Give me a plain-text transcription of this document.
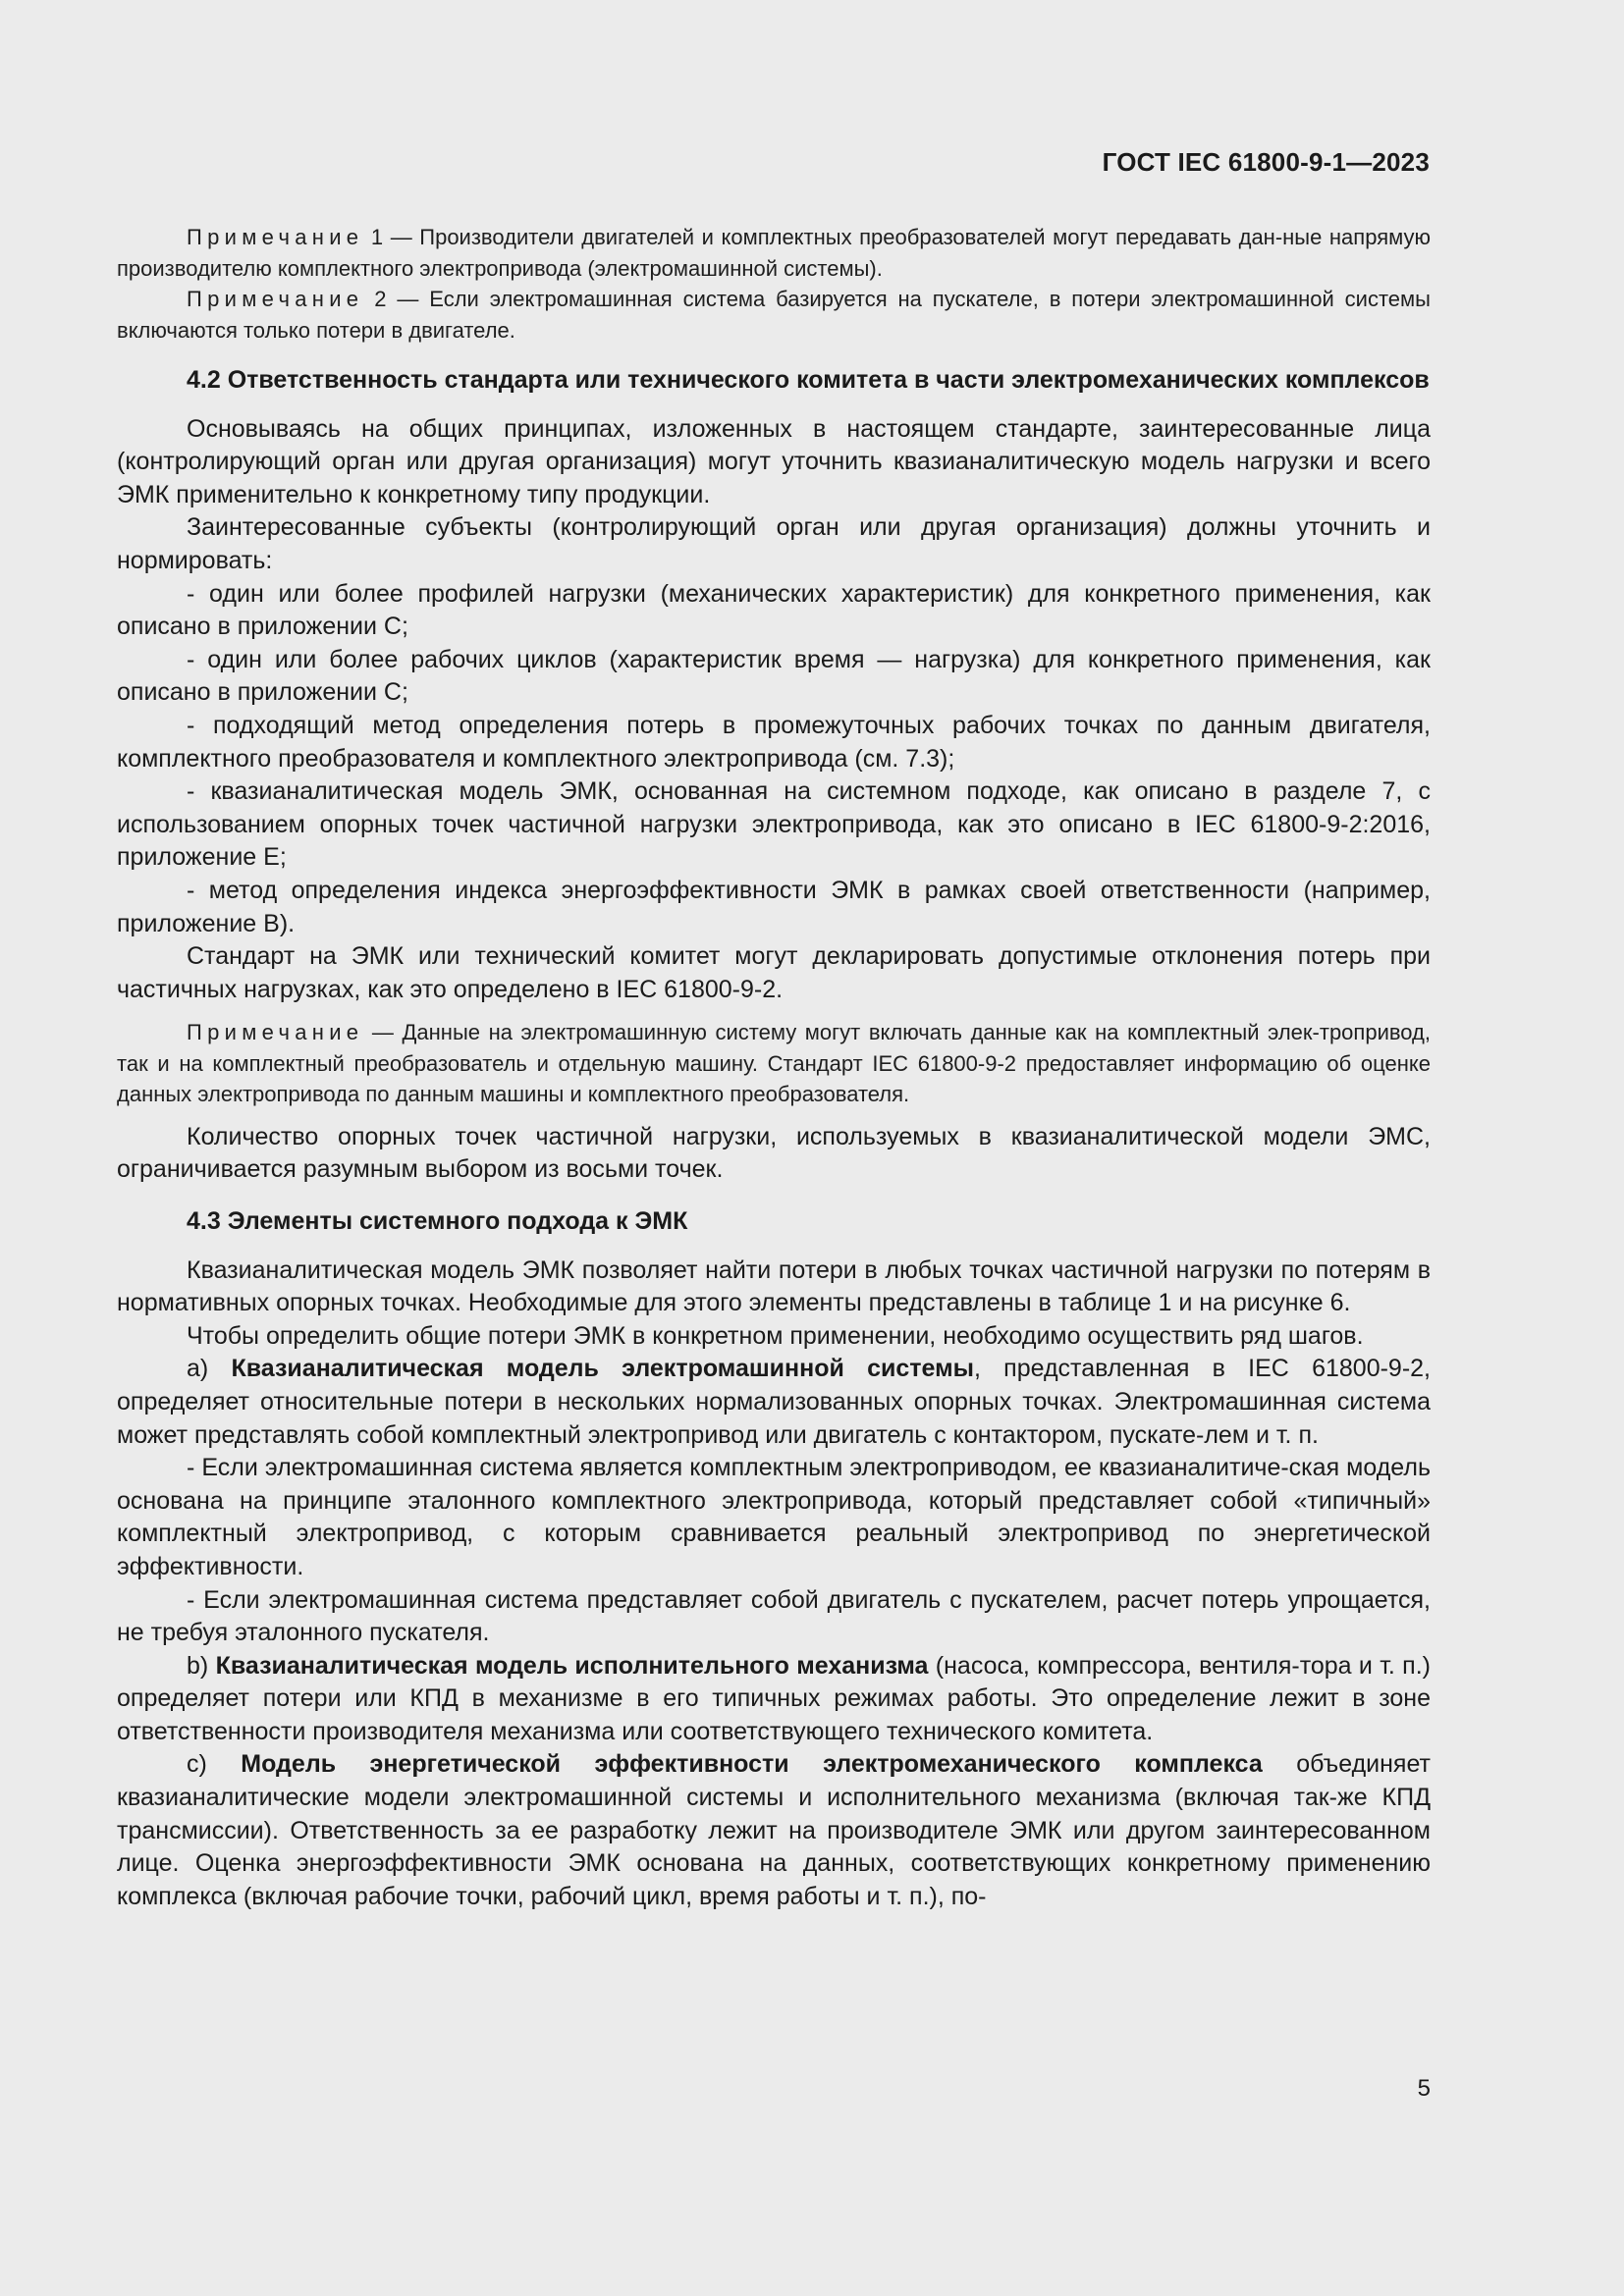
ГОСТ IEC 61800-9-1—2023

Примечание 1 — Производители двигателей и комплектных преобразователей могут передавать дан-ные напрямую производителю комплектного электропривода (электромашинной системы).

Примечание 2 — Если электромашинная система базируется на пускателе, в потери электромашинной системы включаются только потери в двигателе.

4.2 Ответственность стандарта или технического комитета в части электромеханических комплексов

Основываясь на общих принципах, изложенных в настоящем стандарте, заинтересованные лица (контролирующий орган или другая организация) могут уточнить квазианалитическую модель нагрузки и всего ЭМК применительно к конкретному типу продукции.

Заинтересованные субъекты (контролирующий орган или другая организация) должны уточнить и нормировать:

- один или более профилей нагрузки (механических характеристик) для конкретного применения, как описано в приложении С;

- один или более рабочих циклов (характеристик время — нагрузка) для конкретного применения, как описано в приложении С;

- подходящий метод определения потерь в промежуточных рабочих точках по данным двигателя, комплектного преобразователя и комплектного электропривода (см. 7.3);

- квазианалитическая модель ЭМК, основанная на системном подходе, как описано в разделе 7, с использованием опорных точек частичной нагрузки электропривода, как это описано в IEC 61800-9-2:2016, приложение Е;

- метод определения индекса энергоэффективности ЭМК в рамках своей ответственности (например, приложение В).

Стандарт на ЭМК или технический комитет могут декларировать допустимые отклонения потерь при частичных нагрузках, как это определено в IEC 61800-9-2.

Примечание — Данные на электромашинную систему могут включать данные как на комплектный элек-тропривод, так и на комплектный преобразователь и отдельную машину. Стандарт IEC 61800-9-2 предоставляет информацию об оценке данных электропривода по данным машины и комплектного преобразователя.

Количество опорных точек частичной нагрузки, используемых в квазианалитической модели ЭМС, ограничивается разумным выбором из восьми точек.

4.3 Элементы системного подхода к ЭМК

Квазианалитическая модель ЭМК позволяет найти потери в любых точках частичной нагрузки по потерям в нормативных опорных точках. Необходимые для этого элементы представлены в таблице 1 и на рисунке 6.

Чтобы определить общие потери ЭМК в конкретном применении, необходимо осуществить ряд шагов.

a) Квазианалитическая модель электромашинной системы, представленная в IEC 61800-9-2, определяет относительные потери в нескольких нормализованных опорных точках. Электромашинная система может представлять собой комплектный электропривод или двигатель с контактором, пускате-лем и т. п.

- Если электромашинная система является комплектным электроприводом, ее квазианалитиче-ская модель основана на принципе эталонного комплектного электропривода, который представляет собой «типичный» комплектный электропривод, с которым сравнивается реальный электропривод по энергетической эффективности.

- Если электромашинная система представляет собой двигатель с пускателем, расчет потерь упрощается, не требуя эталонного пускателя.

b) Квазианалитическая модель исполнительного механизма (насоса, компрессора, вентиля-тора и т. п.) определяет потери или КПД в механизме в его типичных режимах работы. Это определение лежит в зоне ответственности производителя механизма или соответствующего технического комитета.

c) Модель энергетической эффективности электромеханического комплекса объединяет квазианалитические модели электромашинной системы и исполнительного механизма (включая так-же КПД трансмиссии). Ответственность за ее разработку лежит на производителе ЭМК или другом заинтересованном лице. Оценка энергоэффективности ЭМК основана на данных, соответствующих конкретному применению комплекса (включая рабочие точки, рабочий цикл, время работы и т. п.), по-

5
